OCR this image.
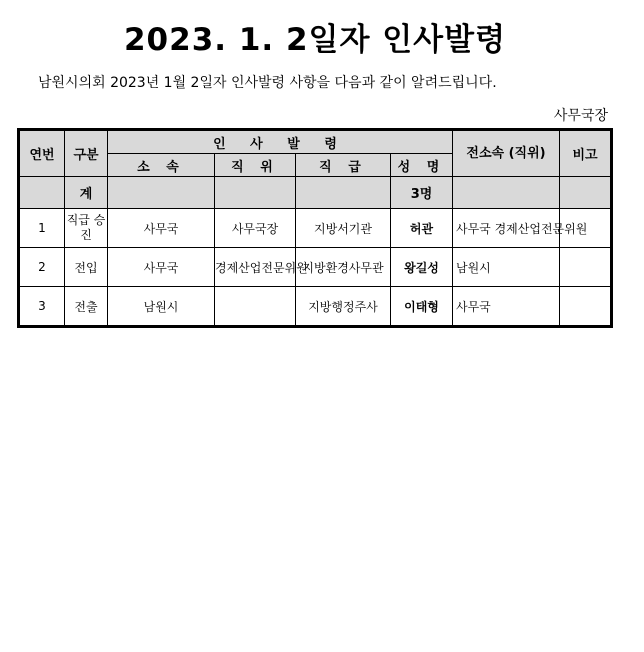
2023. 1. 2일자 인사발령
남원시의회 2023년 1월 2일자 인사발령 사항을 다음과 같이 알려드립니다.
사무국장
연번	구분	인 사 발 령				전소속 (직위)	비고
		소 속	직 위	직 급	성 명		
	계				3명		
1	직급 승진	사무국	사무국장	지방서기관	허관	사무국 경제산업전문위원	
2	전입	사무국	경제산업전문위원	지방환경사무관	왕길성	남원시	
3	전출	남원시		지방행정주사	이태형	사무국	
